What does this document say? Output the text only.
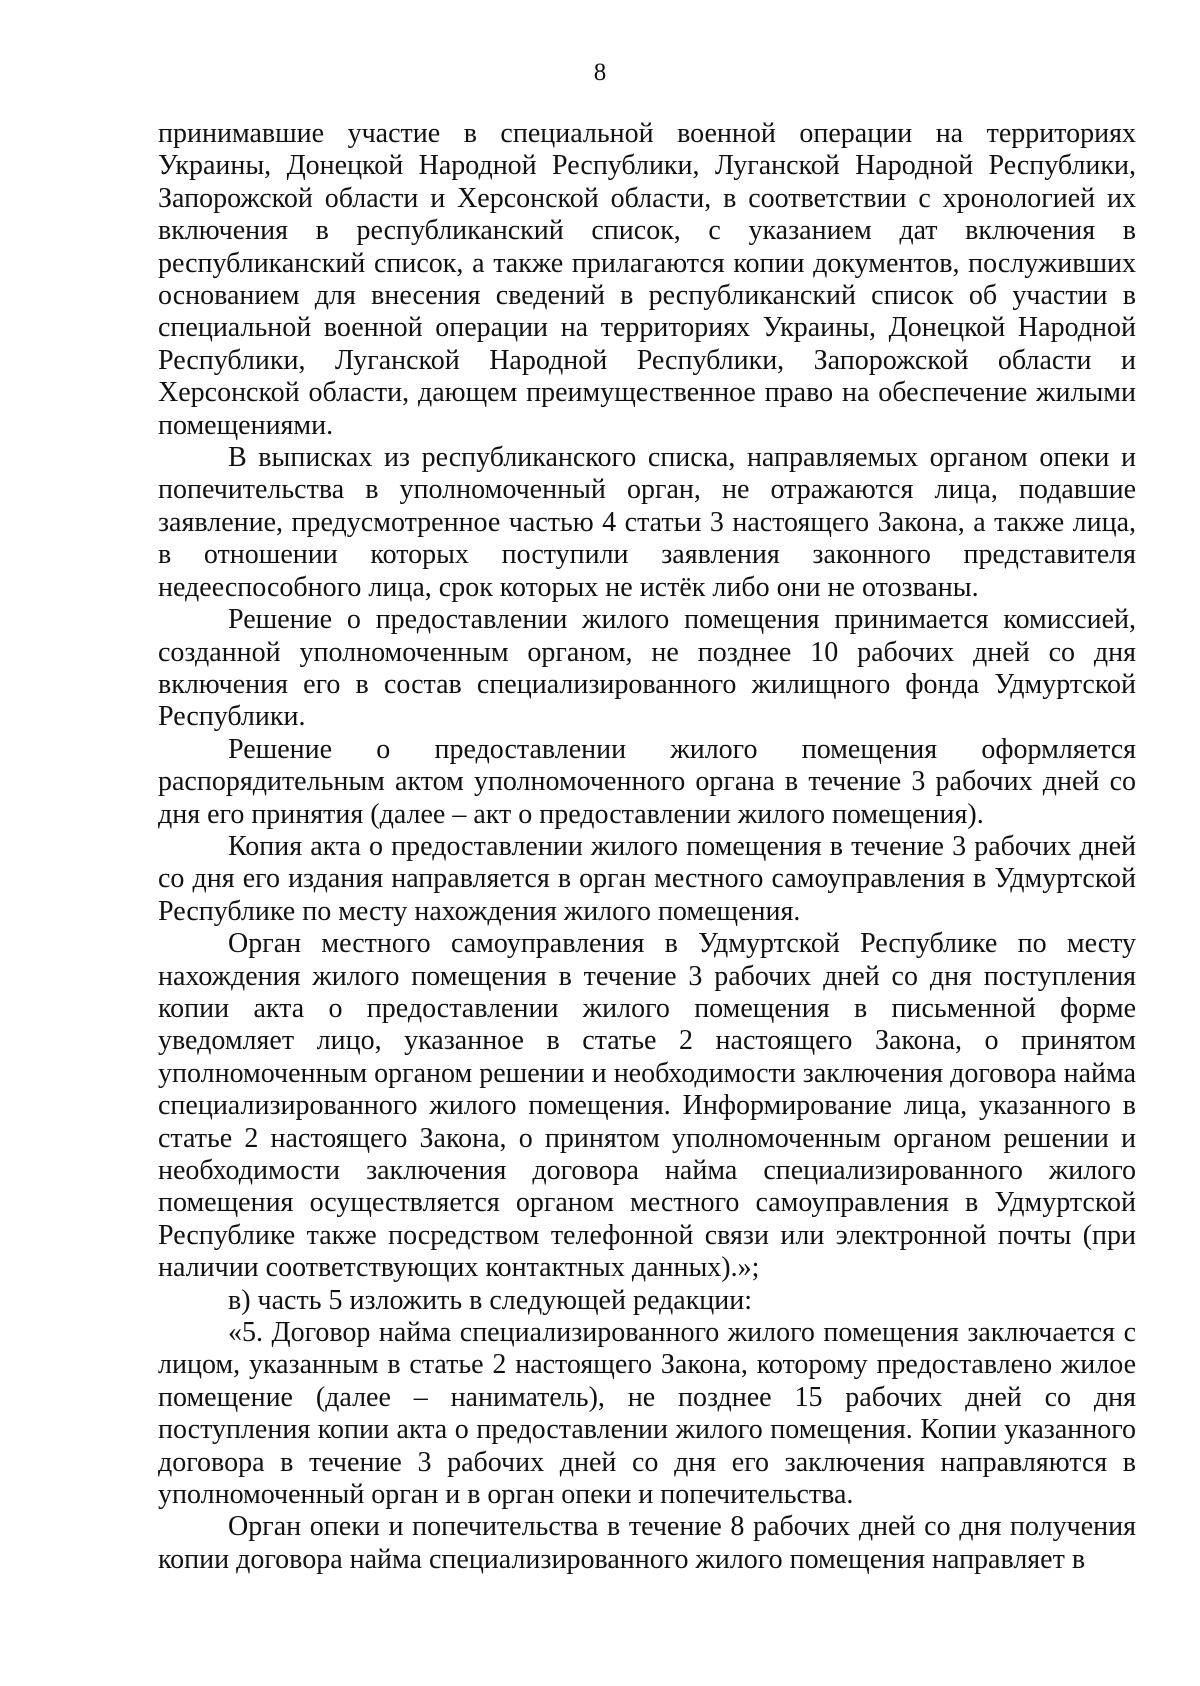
8

принимавшие участие в специальной военной операции на территориях Украины, Донецкой Народной Республики, Луганской Народной Республики, Запорожской области и Херсонской области, в соответствии с хронологией их включения в республиканский список, с указанием дат включения в республиканский список, а также прилагаются копии документов, послуживших основанием для внесения сведений в республиканский список об участии в специальной военной операции на территориях Украины, Донецкой Народной Республики, Луганской Народной Республики, Запорожской области и Херсонской области, дающем преимущественное право на обеспечение жилыми помещениями.

В выписках из республиканского списка, направляемых органом опеки и попечительства в уполномоченный орган, не отражаются лица, подавшие заявление, предусмотренное частью 4 статьи 3 настоящего Закона, а также лица, в отношении которых поступили заявления законного представителя недееспособного лица, срок которых не истёк либо они не отозваны.

Решение о предоставлении жилого помещения принимается комиссией, созданной уполномоченным органом, не позднее 10 рабочих дней со дня включения его в состав специализированного жилищного фонда Удмуртской Республики.

Решение о предоставлении жилого помещения оформляется распорядительным актом уполномоченного органа в течение 3 рабочих дней со дня его принятия (далее – акт о предоставлении жилого помещения).

Копия акта о предоставлении жилого помещения в течение 3 рабочих дней со дня его издания направляется в орган местного самоуправления в Удмуртской Республике по месту нахождения жилого помещения.

Орган местного самоуправления в Удмуртской Республике по месту нахождения жилого помещения в течение 3 рабочих дней со дня поступления копии акта о предоставлении жилого помещения в письменной форме уведомляет лицо, указанное в статье 2 настоящего Закона, о принятом уполномоченным органом решении и необходимости заключения договора найма специализированного жилого помещения. Информирование лица, указанного в статье 2 настоящего Закона, о принятом уполномоченным органом решении и необходимости заключения договора найма специализированного жилого помещения осуществляется органом местного самоуправления в Удмуртской Республике также посредством телефонной связи или электронной почты (при наличии соответствующих контактных данных).»;

в) часть 5 изложить в следующей редакции:

«5. Договор найма специализированного жилого помещения заключается с лицом, указанным в статье 2 настоящего Закона, которому предоставлено жилое помещение (далее – наниматель), не позднее 15 рабочих дней со дня поступления копии акта о предоставлении жилого помещения. Копии указанного договора в течение 3 рабочих дней со дня его заключения направляются в уполномоченный орган и в орган опеки и попечительства.

Орган опеки и попечительства в течение 8 рабочих дней со дня получения копии договора найма специализированного жилого помещения направляет в
